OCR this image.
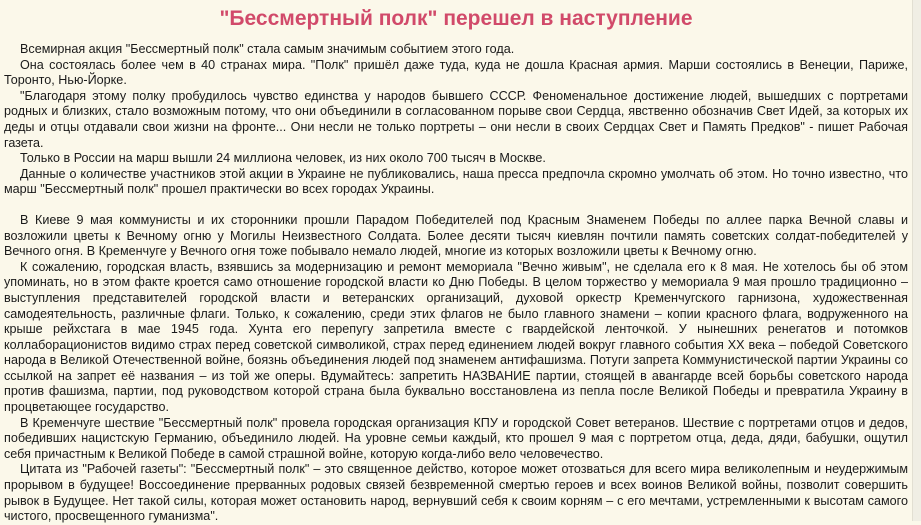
"Бессмертный полк" перешел в наступление

Всемирная акция "Бессмертный полк" стала самым значимым событием этого года.

Она состоялась более чем в 40 странах мира. "Полк" пришёл даже туда, куда не дошла Красная армия. Марши состоялись в Венеции, Париже, Торонто, Нью-Йорке.

"Благодаря этому полку пробудилось чувство единства у народов бывшего СССР. Феноменальное достижение людей, вышедших с портретами родных и близких, стало возможным потому, что они объединили в согласованном порыве свои Сердца, явственно обозначив Свет Идей, за которых их деды и отцы отдавали свои жизни на фронте... Они несли не только портреты – они несли в своих Сердцах Свет и Память Предков" - пишет Рабочая газета.

Только в России на марш вышли 24 миллиона человек, из них около 700 тысяч в Москве.

Данные о количестве участников этой акции в Украине не публиковались, наша пресса предпочла скромно умолчать об этом. Но точно известно, что марш "Бессмертный полк" прошел практически во всех городах Украины.

В Киеве 9 мая коммунисты и их сторонники прошли Парадом Победителей под Красным Знаменем Победы по аллее парка Вечной славы и возложили цветы к Вечному огню у Могилы Неизвестного Солдата. Более десяти тысяч киевлян почтили память советских солдат-победителей у Вечного огня. В Кременчуге у Вечного огня тоже побывало немало людей, многие из которых возложили цветы к Вечному огню.

К сожалению, городская власть, взявшись за модернизацию и ремонт мемориала "Вечно живым", не сделала его к 8 мая. Не хотелось бы об этом упоминать, но в этом факте кроется само отношение городской власти ко Дню Победы. В целом торжество у мемориала 9 мая прошло традиционно – выступления представителей городской власти и ветеранских организаций, духовой оркестр Кременчугского гарнизона, художественная самодеятельность, различные флаги. Только, к сожалению, среди этих флагов не было главного знамени – копии красного флага, водруженного на крыше рейхстага в мае 1945 года. Хунта его перепугу запретила вместе с гвардейской ленточкой. У нынешних ренегатов и потомков коллаборационистов видимо страх перед советской символикой, страх перед единением людей вокруг главного события XX века – победой Советского народа в Великой Отечественной войне, боязнь объединения людей под знаменем антифашизма. Потуги запрета Коммунистической партии Украины со ссылкой на запрет её названия – из той же оперы. Вдумайтесь: запретить НАЗВАНИЕ партии, стоящей в авангарде всей борьбы советского народа против фашизма, партии, под руководством которой страна была буквально восстановлена из пепла после Великой Победы и превратила Украину в процветающее государство.

В Кременчуге шествие "Бессмертный полк" провела городская организация КПУ и городской Совет ветеранов. Шествие с портретами отцов и дедов, победивших нацистскую Германию, объединило людей. На уровне семьи каждый, кто прошел 9 мая с портретом отца, деда, дяди, бабушки, ощутил себя причастным к Великой Победе в самой страшной войне, которую когда-либо вело человечество.

Цитата из "Рабочей газеты": "Бессмертный полк" – это священное действо, которое может отозваться для всего мира великолепным и неудержимым прорывом в будущее! Воссоединение прерванных родовых связей безвременной смертью героев и всех воинов Великой войны, позволит совершить рывок в Будущее. Нет такой силы, которая может остановить народ, вернувший себя к своим корням – с его мечтами, устремленными к высотам самого чистого, просвещенного гуманизма".
